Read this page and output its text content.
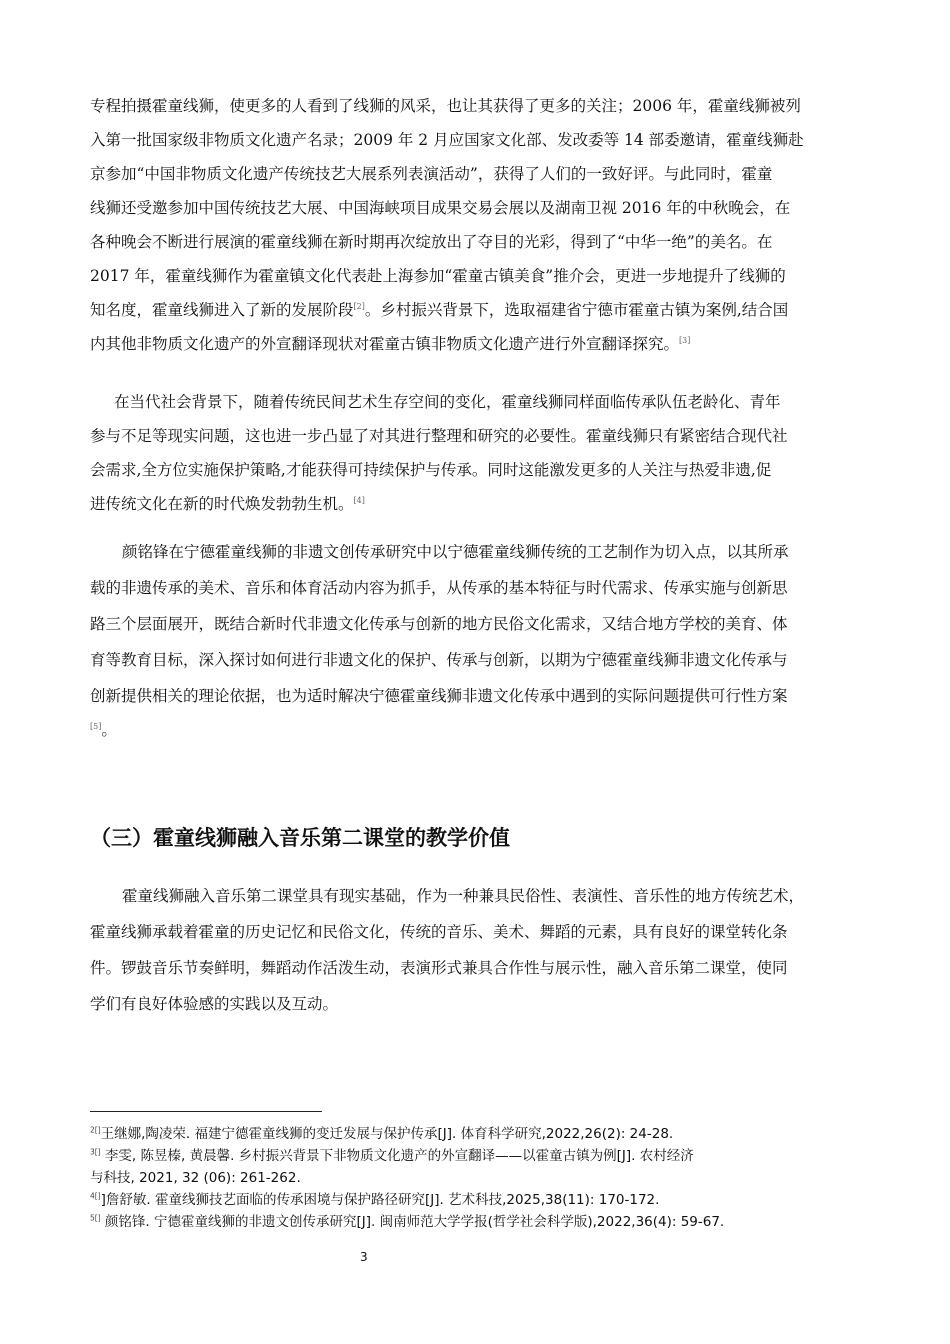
专程拍摄霍童线狮，使更多的人看到了线狮的风采，也让其获得了更多的关注；2006 年，霍童线狮被列
入第一批国家级非物质文化遗产名录；2009 年 2 月应国家文化部、发改委等 14 部委邀请，霍童线狮赴
京参加“中国非物质文化遗产传统技艺大展系列表演活动”，获得了人们的一致好评。与此同时，霍童
线狮还受邀参加中国传统技艺大展、中国海峡项目成果交易会展以及湖南卫视 2016 年的中秋晚会，在
各种晚会不断进行展演的霍童线狮在新时期再次绽放出了夺目的光彩，得到了“中华一绝”的美名。在
2017 年，霍童线狮作为霍童镇文化代表赴上海参加“霍童古镇美食”推介会，更进一步地提升了线狮的
知名度，霍童线狮进入了新的发展阶段[2]。乡村振兴背景下，选取福建省宁德市霍童古镇为案例,结合国
内其他非物质文化遗产的外宣翻译现状对霍童古镇非物质文化遗产进行外宣翻译探究。[3]
在当代社会背景下，随着传统民间艺术生存空间的变化，霍童线狮同样面临传承队伍老龄化、青年
参与不足等现实问题，这也进一步凸显了对其进行整理和研究的必要性。霍童线狮只有紧密结合现代社
会需求,全方位实施保护策略,才能获得可持续保护与传承。同时这能激发更多的人关注与热爱非遗,促
进传统文化在新的时代焕发勃勃生机。[4]
颜铭锋在宁德霍童线狮的非遗文创传承研究中以宁德霍童线狮传统的工艺制作为切入点，以其所承
载的非遗传承的美术、音乐和体育活动内容为抓手，从传承的基本特征与时代需求、传承实施与创新思
路三个层面展开，既结合新时代非遗文化传承与创新的地方民俗文化需求，又结合地方学校的美育、体
育等教育目标，深入探讨如何进行非遗文化的保护、传承与创新，以期为宁德霍童线狮非遗文化传承与
创新提供相关的理论依据，也为适时解决宁德霍童线狮非遗文化传承中遇到的实际问题提供可行性方案
[5]。
（三）霍童线狮融入音乐第二课堂的教学价值
霍童线狮融入音乐第二课堂具有现实基础，作为一种兼具民俗性、表演性、音乐性的地方传统艺术，
霍童线狮承载着霍童的历史记忆和民俗文化，传统的音乐、美术、舞蹈的元素，具有良好的课堂转化条
件。锣鼓音乐节奏鲜明，舞蹈动作活泼生动，表演形式兼具合作性与展示性，融入音乐第二课堂，使同
学们有良好体验感的实践以及互动。
$^{2[]}$王继娜,陶凌荣. 福建宁德霍童线狮的变迁发展与保护传承[J]. 体育科学研究,2022,26(2): 24-28.
$^{3[]}$ 李雯, 陈昱榛, 黄晨馨. 乡村振兴背景下非物质文化遗产的外宣翻译——以霍童古镇为例[J]. 农村经济
与科技, 2021, 32 (06): 261-262.
$^{4[]}$]詹舒敏. 霍童线狮技艺面临的传承困境与保护路径研究[J]. 艺术科技,2025,38(11): 170-172.
$^{5[]}$ 颜铭锋. 宁德霍童线狮的非遗文创传承研究[J]. 闽南师范大学学报(哲学社会科学版),2022,36(4): 59-67.
3
